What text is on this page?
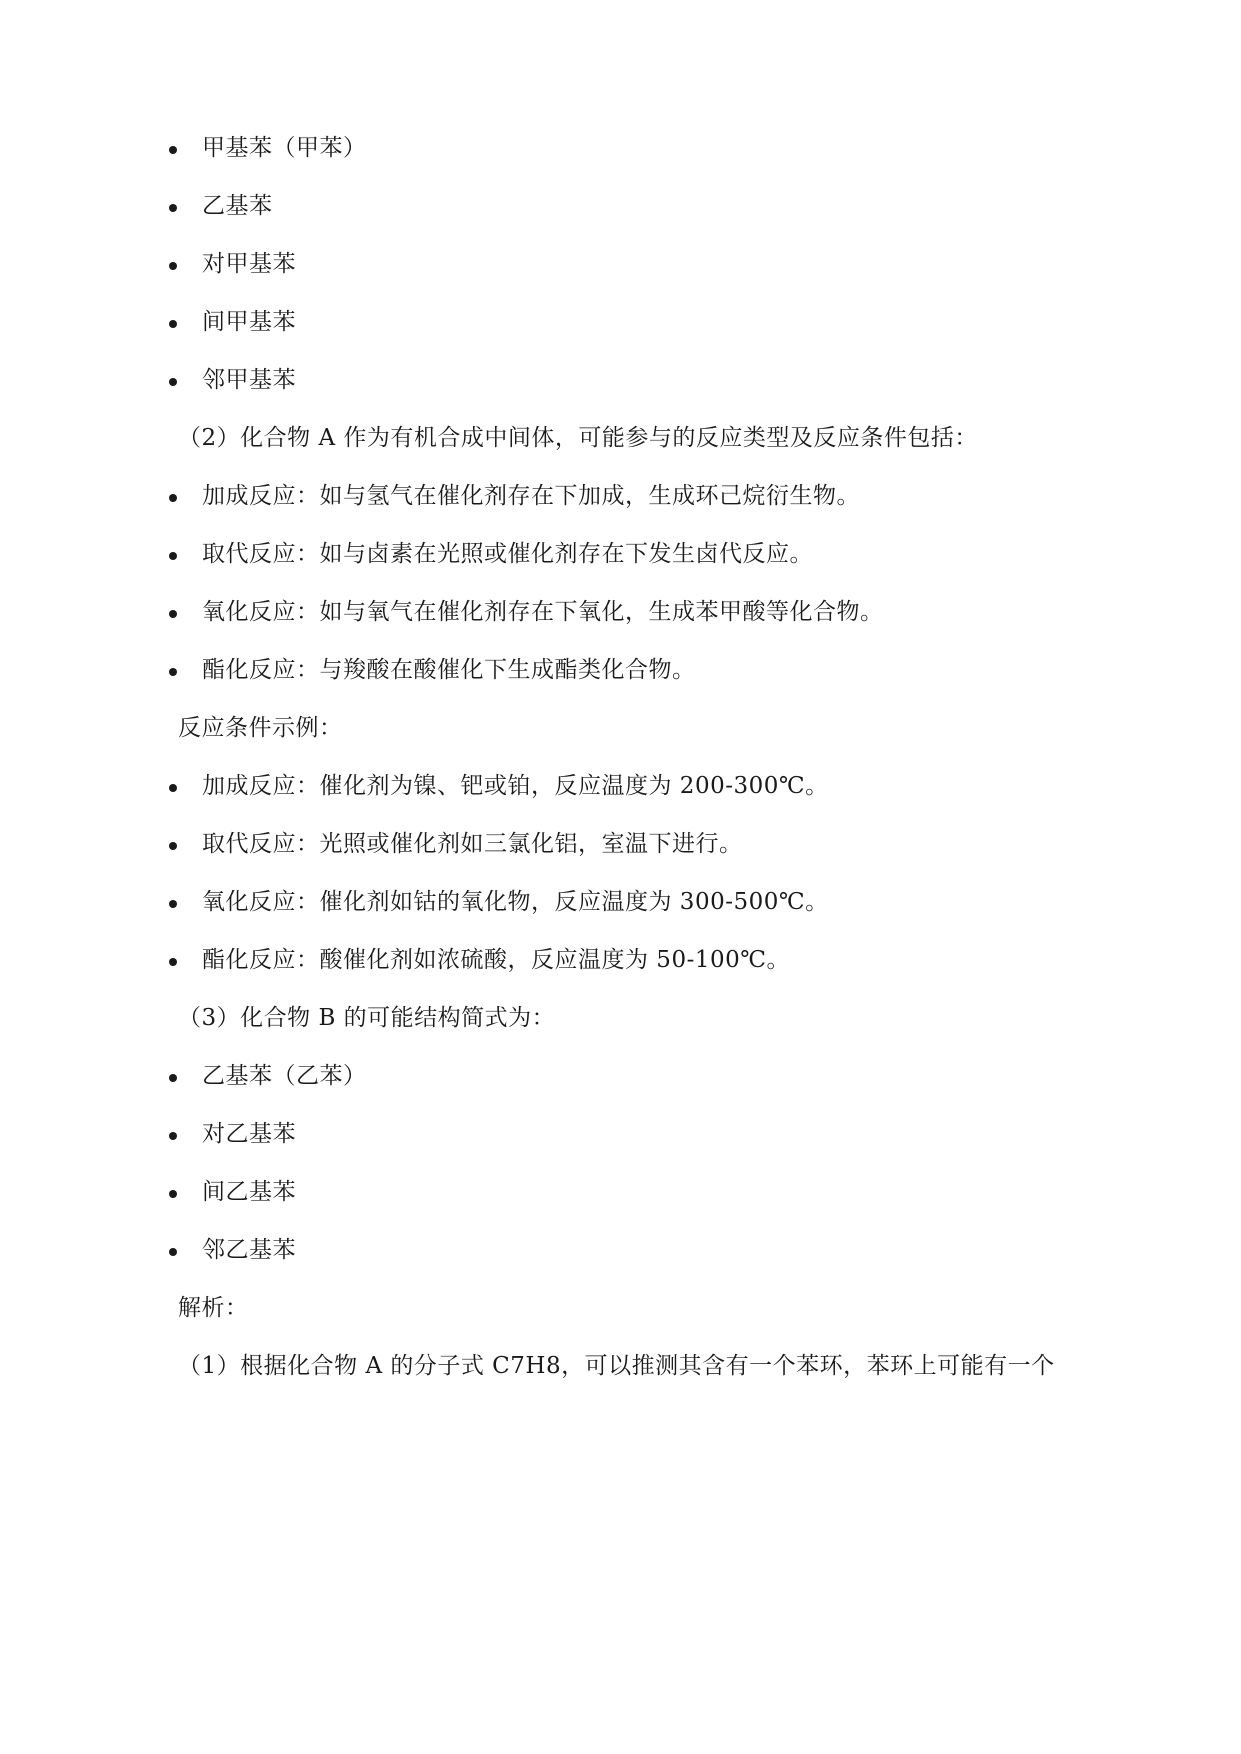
甲基苯（甲苯）
乙基苯
对甲基苯
间甲基苯
邻甲基苯
（2）化合物 A 作为有机合成中间体，可能参与的反应类型及反应条件包括：
加成反应：如与氢气在催化剂存在下加成，生成环己烷衍生物。
取代反应：如与卤素在光照或催化剂存在下发生卤代反应。
氧化反应：如与氧气在催化剂存在下氧化，生成苯甲酸等化合物。
酯化反应：与羧酸在酸催化下生成酯类化合物。
反应条件示例：
加成反应：催化剂为镍、钯或铂，反应温度为 200-300℃。
取代反应：光照或催化剂如三氯化铝，室温下进行。
氧化反应：催化剂如钴的氧化物，反应温度为 300-500℃。
酯化反应：酸催化剂如浓硫酸，反应温度为 50-100℃。
（3）化合物 B 的可能结构简式为：
乙基苯（乙苯）
对乙基苯
间乙基苯
邻乙基苯
解析：
（1）根据化合物 A 的分子式 C7H8，可以推测其含有一个苯环，苯环上可能有一个
